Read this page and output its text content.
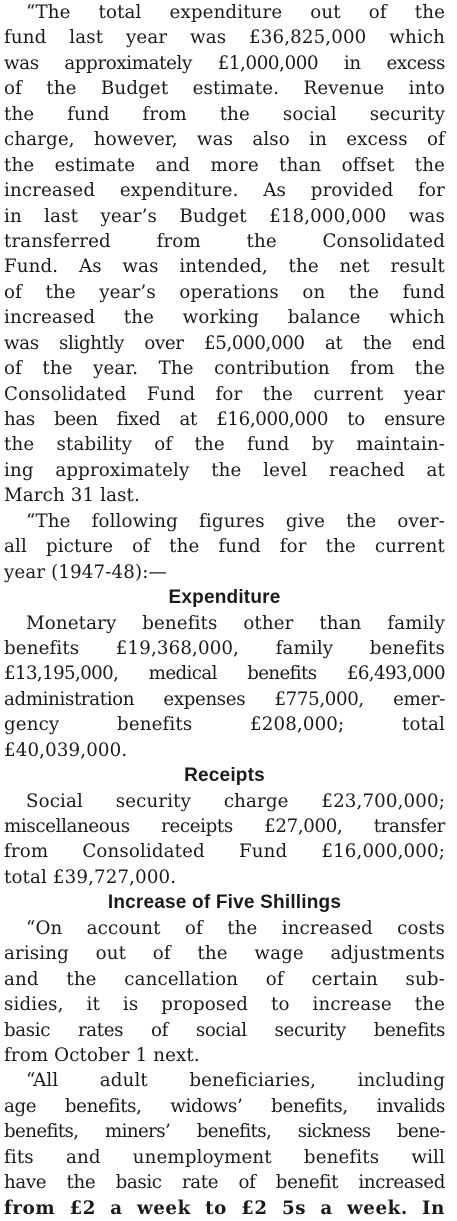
“The total expenditure out of the
fund last year was £36,825,000 which
was approximately £1,000,000 in excess
of the Budget estimate. Revenue into
the fund from the social security
charge, however, was also in excess of
the estimate and more than offset the
increased expenditure. As provided for
in last year’s Budget £18,000,000 was
transferred from the Consolidated
Fund. As was intended, the net result
of the year’s operations on the fund
increased the working balance which
was slightly over £5,000,000 at the end
of the year. The contribution from the
Consolidated Fund for the current year
has been fixed at £16,000,000 to ensure
the stability of the fund by maintain-
ing approximately the level reached at
March 31 last.
“The following figures give the over-
all picture of the fund for the current
year (1947-48):—
Expenditure
Monetary benefits other than family
benefits £19,368,000, family benefits
£13,195,000, medical benefits £6,493,000
administration expenses £775,000, emer-
gency benefits £208,000; total
£40,039,000.
Receipts
Social security charge £23,700,000;
miscellaneous receipts £27,000, transfer
from Consolidated Fund £16,000,000;
total £39,727,000.
Increase of Five Shillings
“On account of the increased costs
arising out of the wage adjustments
and the cancellation of certain sub-
sidies, it is proposed to increase the
basic rates of social security benefits
from October 1 next.
“All adult beneficiaries, including
age benefits, widows’ benefits, invalids
benefits, miners’ benefits, sickness bene-
fits and unemployment benefits will
have the basic rate of benefit increased
from £2 a week to £2 5s a week. In
